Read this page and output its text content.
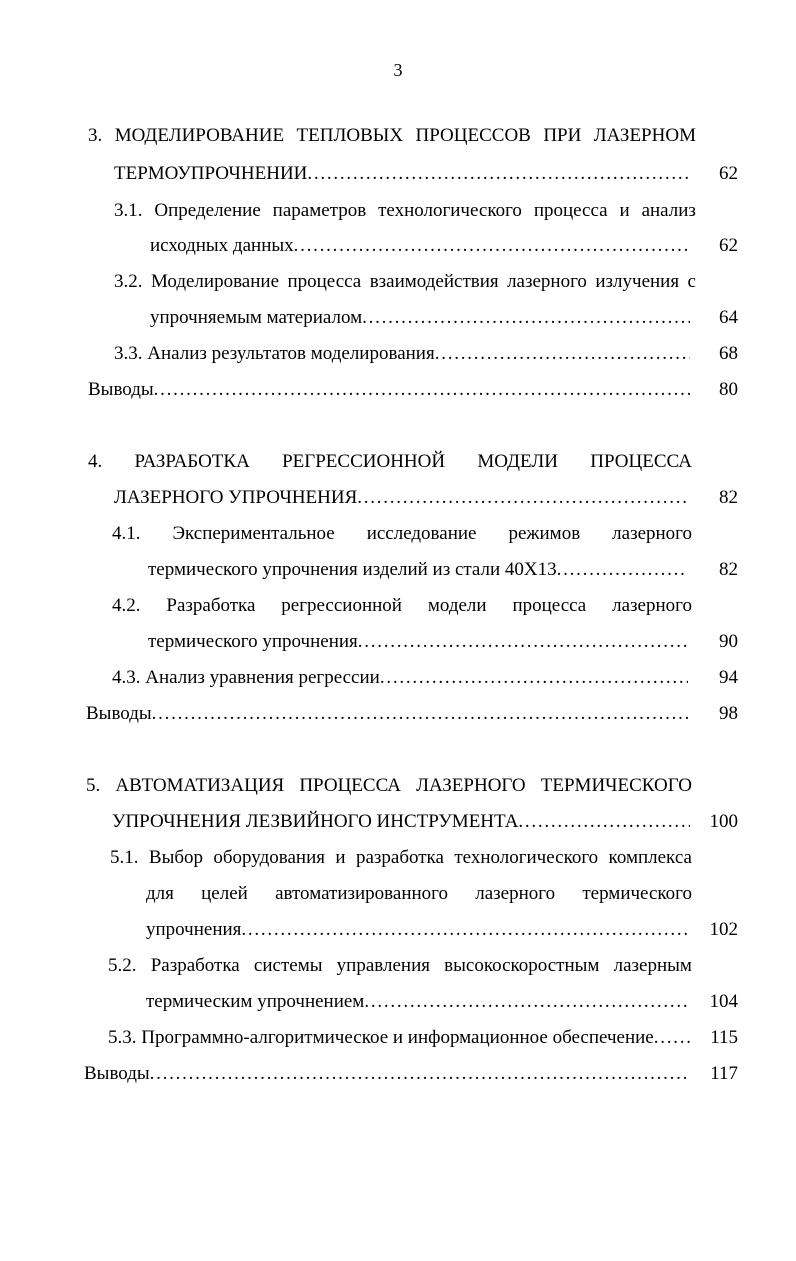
3
3. МОДЕЛИРОВАНИЕ ТЕПЛОВЫХ ПРОЦЕССОВ ПРИ ЛАЗЕРНОМ
ТЕРМОУПРОЧНЕНИИ . . .	62
3.1. Определение параметров технологического процесса и анализ
исходных данных . . .	62
3.2. Моделирование процесса взаимодействия лазерного излучения с
упрочняемым материалом . . .	64
3.3. Анализ результатов моделирования . . .	68
Выводы . . .	80
4. РАЗРАБОТКА РЕГРЕССИОННОЙ МОДЕЛИ ПРОЦЕССА
ЛАЗЕРНОГО УПРОЧНЕНИЯ . . .	82
4.1. Экспериментальное исследование режимов лазерного
термического упрочнения изделий из стали 40Х13 . . .	82
4.2. Разработка регрессионной модели процесса лазерного
термического упрочнения . . .	90
4.3. Анализ уравнения регрессии . . .	94
Выводы . . .	98
5. АВТОМАТИЗАЦИЯ ПРОЦЕССА ЛАЗЕРНОГО ТЕРМИЧЕСКОГО
УПРОЧНЕНИЯ ЛЕЗВИЙНОГО ИНСТРУМЕНТА . . .	100
5.1. Выбор оборудования и разработка технологического комплекса
для целей автоматизированного лазерного термического
упрочнения . . .	102
5.2. Разработка системы управления высокоскоростным лазерным
термическим упрочнением . . .	104
5.3. Программно-алгоритмическое и информационное обеспечение . . .	115
Выводы . . .	117
